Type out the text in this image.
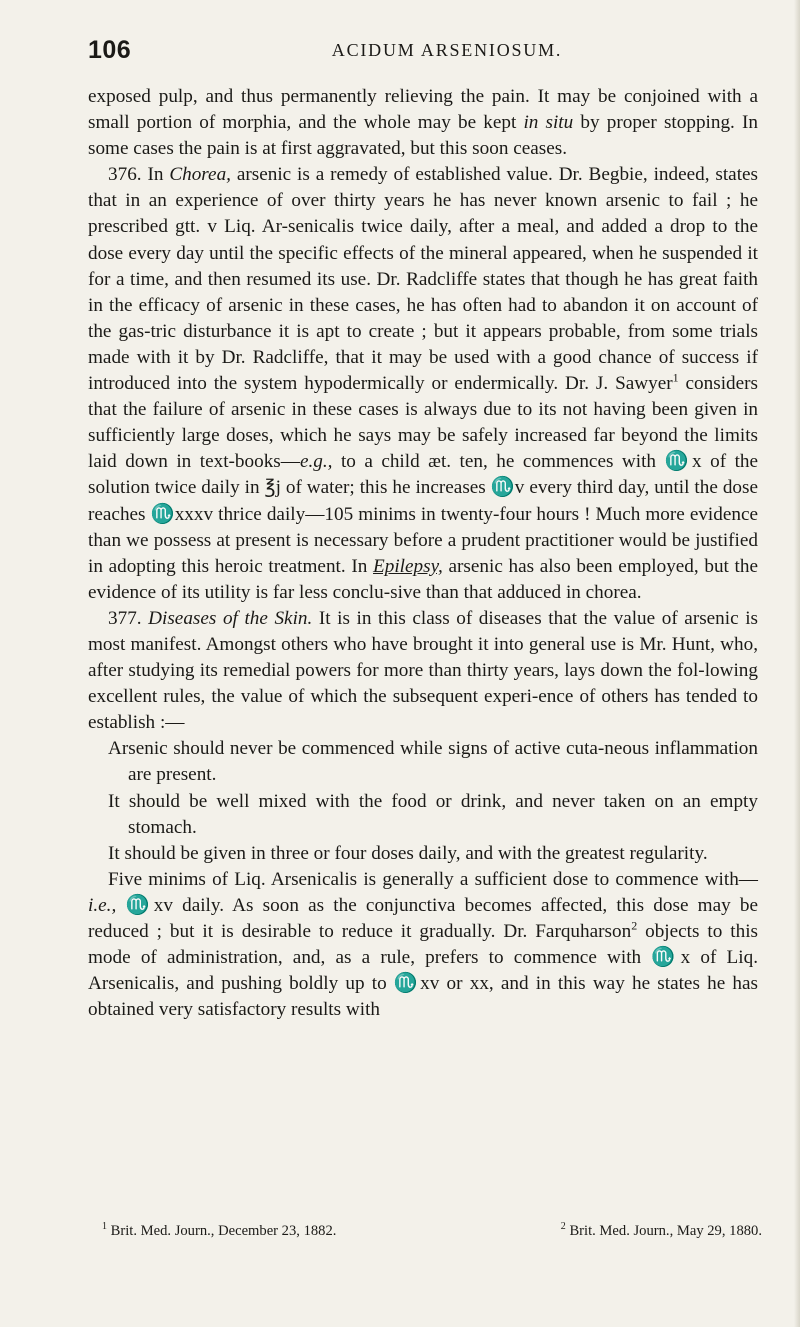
106	ACIDUM ARSENIOSUM.

exposed pulp, and thus permanently relieving the pain. It may be conjoined with a small portion of morphia, and the whole may be kept in situ by proper stopping. In some cases the pain is at first aggravated, but this soon ceases.

376. In Chorea, arsenic is a remedy of established value. Dr. Begbie, indeed, states that in an experience of over thirty years he has never known arsenic to fail ; he prescribed gtt. v Liq. Ar-senicalis twice daily, after a meal, and added a drop to the dose every day until the specific effects of the mineral appeared, when he suspended it for a time, and then resumed its use. Dr. Radcliffe states that though he has great faith in the efficacy of arsenic in these cases, he has often had to abandon it on account of the gas-tric disturbance it is apt to create ; but it appears probable, from some trials made with it by Dr. Radcliffe, that it may be used with a good chance of success if introduced into the system hypodermically or endermically. Dr. J. Sawyer$^1$ considers that the failure of arsenic in these cases is always due to its not having been given in sufficiently large doses, which he says may be safely increased far beyond the limits laid down in text-books—e.g., to a child æt. ten, he commences with ♏x of the solution twice daily in ℥j of water; this he increases ♏v every third day, until the dose reaches ♏xxxv thrice daily—105 minims in twenty-four hours ! Much more evidence than we possess at present is necessary before a prudent practitioner would be justified in adopting this heroic treatment. In Epilepsy, arsenic has also been employed, but the evidence of its utility is far less conclu-sive than that adduced in chorea.

377. Diseases of the Skin. It is in this class of diseases that the value of arsenic is most manifest. Amongst others who have brought it into general use is Mr. Hunt, who, after studying its remedial powers for more than thirty years, lays down the fol-lowing excellent rules, the value of which the subsequent experi-ence of others has tended to establish :—

Arsenic should never be commenced while signs of active cuta-neous inflammation are present.

It should be well mixed with the food or drink, and never taken on an empty stomach.

It should be given in three or four doses daily, and with the greatest regularity.

Five minims of Liq. Arsenicalis is generally a sufficient dose to commence with—i.e., ♏xv daily. As soon as the conjunctiva becomes affected, this dose may be reduced ; but it is desirable to reduce it gradually. Dr. Farquharson$^2$ objects to this mode of administration, and, as a rule, prefers to commence with ♏x of Liq. Arsenicalis, and pushing boldly up to ♏xv or xx, and in this way he states he has obtained very satisfactory results with

$^1$ Brit. Med. Journ., December 23, 1882.	$^2$ Brit. Med. Journ., May 29, 1880.
